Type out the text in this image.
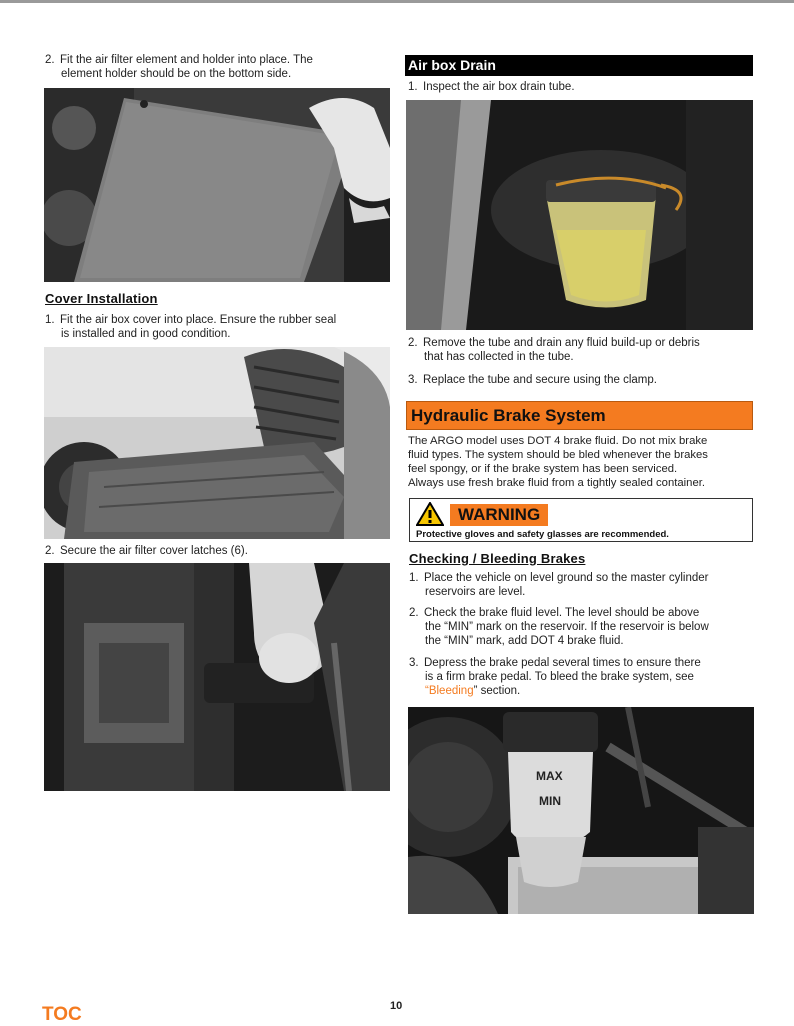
2. Fit the air filter element and holder into place. The
element holder should be on the bottom side.
Cover Installation
1. Fit the air box cover into place. Ensure the rubber seal
is installed and in good condition.
2. Secure the air filter cover latches (6).
Air box Drain
1. Inspect the air box drain tube.
2. Remove the tube and drain any fluid build-up or debris
that has collected in the tube.
3. Replace the tube and secure using the clamp.
Hydraulic Brake System
The ARGO model uses DOT 4 brake fluid. Do not mix brake
fluid types. The system should be bled whenever the brakes
feel spongy, or if the brake system has been serviced.
Always use fresh brake fluid from a tightly sealed container.
WARNING
Protective gloves and safety glasses are recommended.
Checking / Bleeding Brakes
1. Place the vehicle on level ground so the master cylinder
reservoirs are level.
2. Check the brake fluid level. The level should be above
the “MIN” mark on the reservoir. If the reservoir is below
the “MIN” mark, add DOT 4 brake fluid.
3. Depress the brake pedal several times to ensure there
is a firm brake pedal. To bleed the brake system, see
“Bleeding” section.
MAX
MIN
10
TOC
